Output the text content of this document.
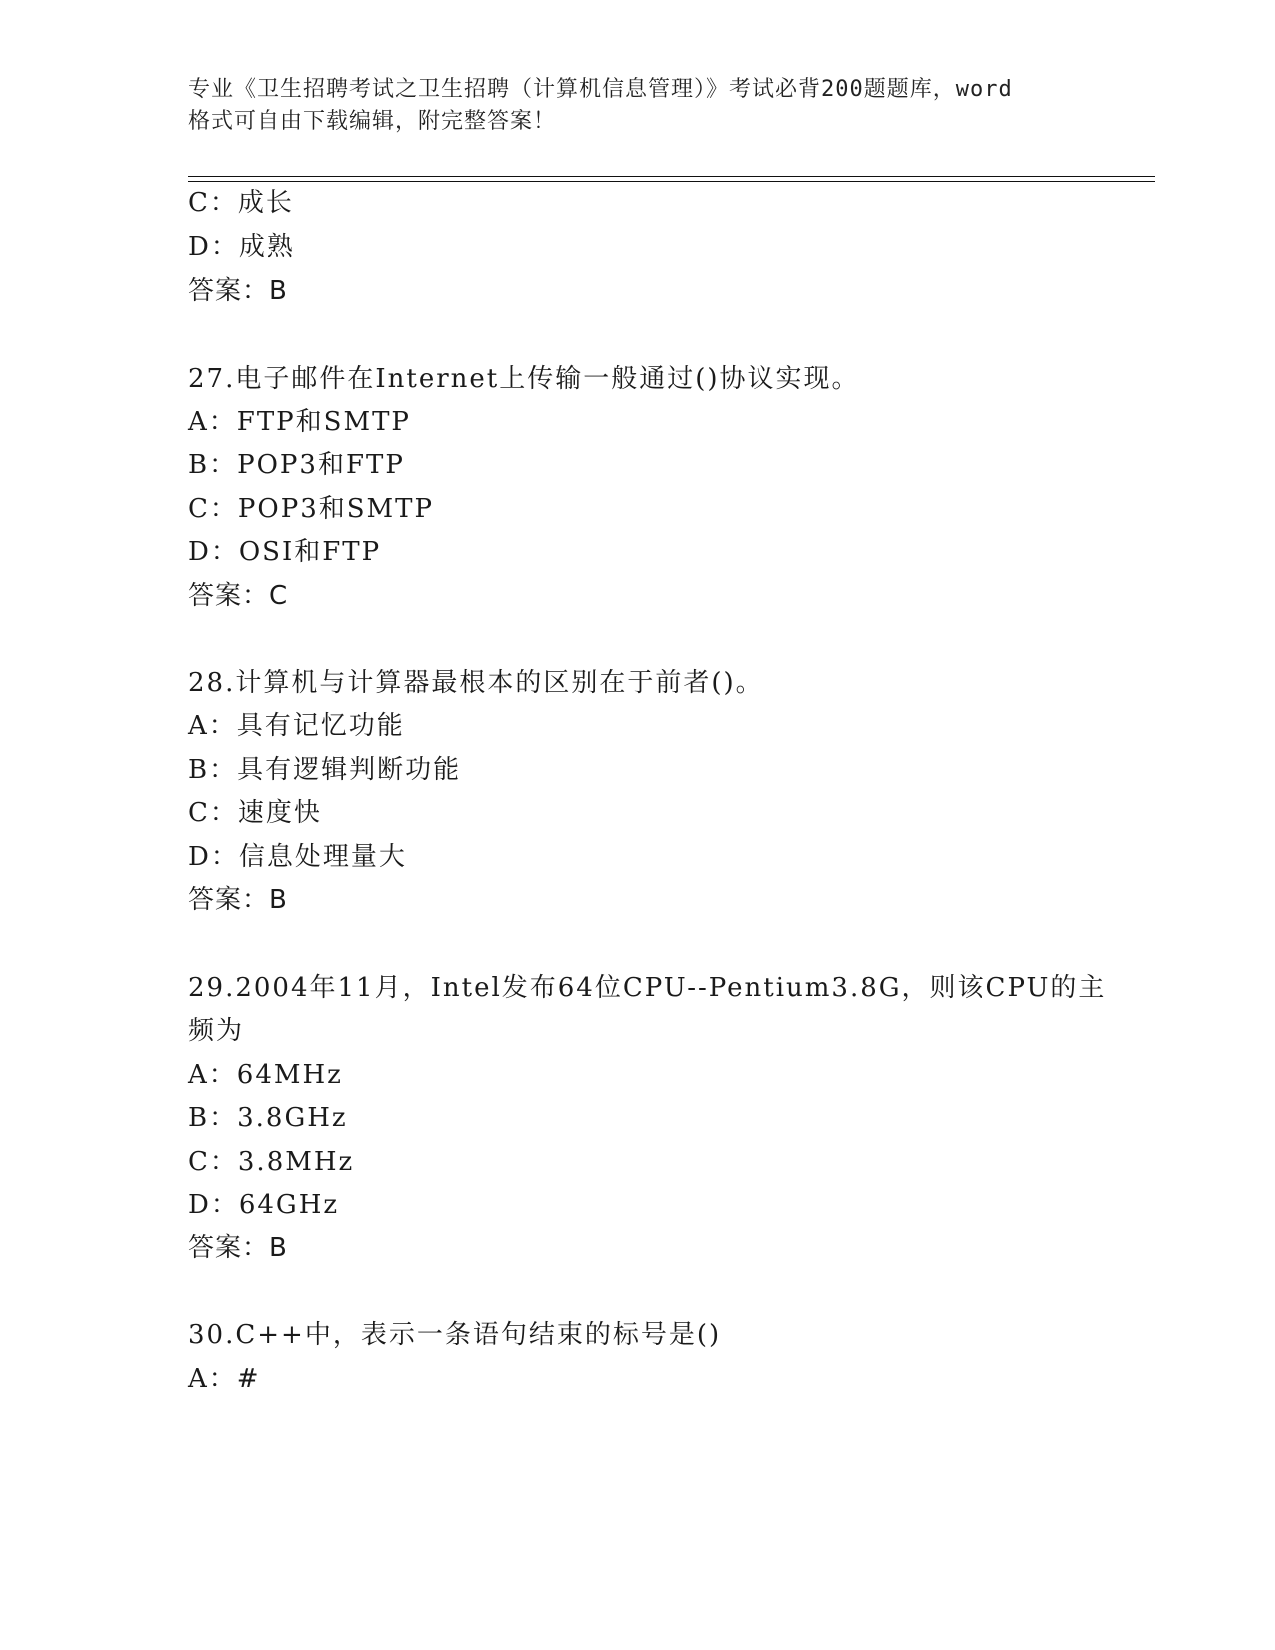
专业《卫生招聘考试之卫生招聘（计算机信息管理）》考试必背200题题库，word
格式可自由下载编辑，附完整答案！
C：成长
D：成熟
答案：B
27.电子邮件在Internet上传输一般通过()协议实现。
A：FTP和SMTP
B：POP3和FTP
C：POP3和SMTP
D：OSI和FTP
答案：C
28.计算机与计算器最根本的区别在于前者()。
A：具有记忆功能
B：具有逻辑判断功能
C：速度快
D：信息处理量大
答案：B
29.2004年11月，Intel发布64位CPU--Pentium3.8G，则该CPU的主
频为
A：64MHz
B：3.8GHz
C：3.8MHz
D：64GHz
答案：B
30.C++中，表示一条语句结束的标号是()
A：#
